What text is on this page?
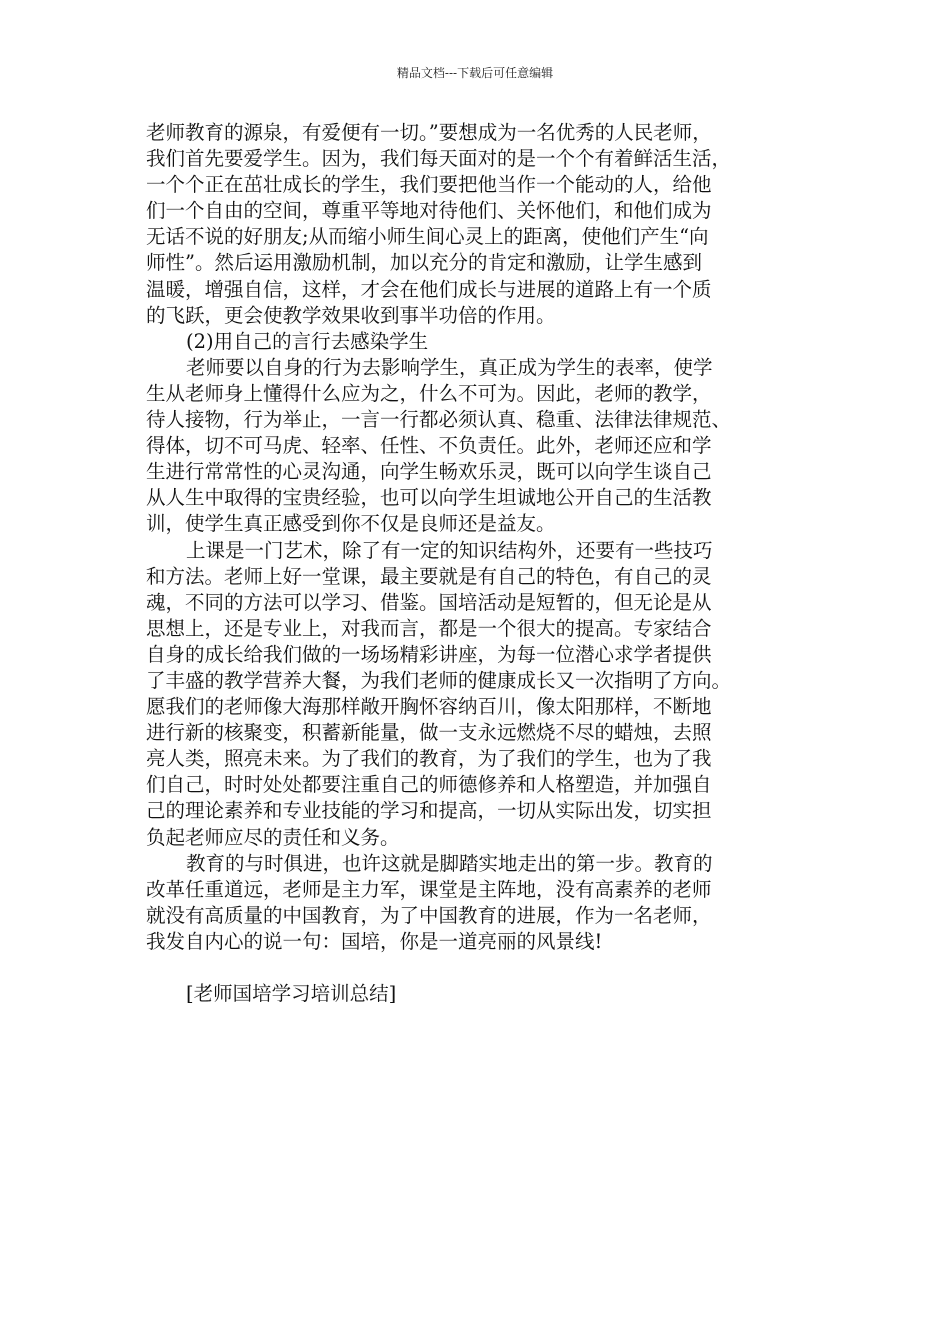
精品文档---下载后可任意编辑
老师教育的源泉，有爱便有一切。”要想成为一名优秀的人民老师，
我们首先要爱学生。因为，我们每天面对的是一个个有着鲜活生活，
一个个正在茁壮成长的学生，我们要把他当作一个能动的人，给他
们一个自由的空间，尊重平等地对待他们、关怀他们，和他们成为
无话不说的好朋友;从而缩小师生间心灵上的距离，使他们产生“向
师性”。然后运用激励机制，加以充分的肯定和激励，让学生感到
温暖，增强自信，这样，才会在他们成长与进展的道路上有一个质
的飞跃，更会使教学效果收到事半功倍的作用。
(2)用自己的言行去感染学生
老师要以自身的行为去影响学生，真正成为学生的表率，使学
生从老师身上懂得什么应为之，什么不可为。因此，老师的教学，
待人接物，行为举止，一言一行都必须认真、稳重、法律法律规范、
得体，切不可马虎、轻率、任性、不负责任。此外，老师还应和学
生进行常常性的心灵沟通，向学生畅欢乐灵，既可以向学生谈自己
从人生中取得的宝贵经验，也可以向学生坦诚地公开自己的生活教
训，使学生真正感受到你不仅是良师还是益友。
上课是一门艺术，除了有一定的知识结构外，还要有一些技巧
和方法。老师上好一堂课，最主要就是有自己的特色，有自己的灵
魂，不同的方法可以学习、借鉴。国培活动是短暂的，但无论是从
思想上，还是专业上，对我而言，都是一个很大的提高。专家结合
自身的成长给我们做的一场场精彩讲座，为每一位潜心求学者提供
了丰盛的教学营养大餐，为我们老师的健康成长又一次指明了方向。
愿我们的老师像大海那样敞开胸怀容纳百川，像太阳那样，不断地
进行新的核聚变，积蓄新能量，做一支永远燃烧不尽的蜡烛，去照
亮人类，照亮未来。为了我们的教育，为了我们的学生，也为了我
们自己，时时处处都要注重自己的师德修养和人格塑造，并加强自
己的理论素养和专业技能的学习和提高，一切从实际出发，切实担
负起老师应尽的责任和义务。
教育的与时俱进，也许这就是脚踏实地走出的第一步。教育的
改革任重道远，老师是主力军，课堂是主阵地，没有高素养的老师
就没有高质量的中国教育，为了中国教育的进展，作为一名老师，
我发自内心的说一句：国培，你是一道亮丽的风景线!
[老师国培学习培训总结]
